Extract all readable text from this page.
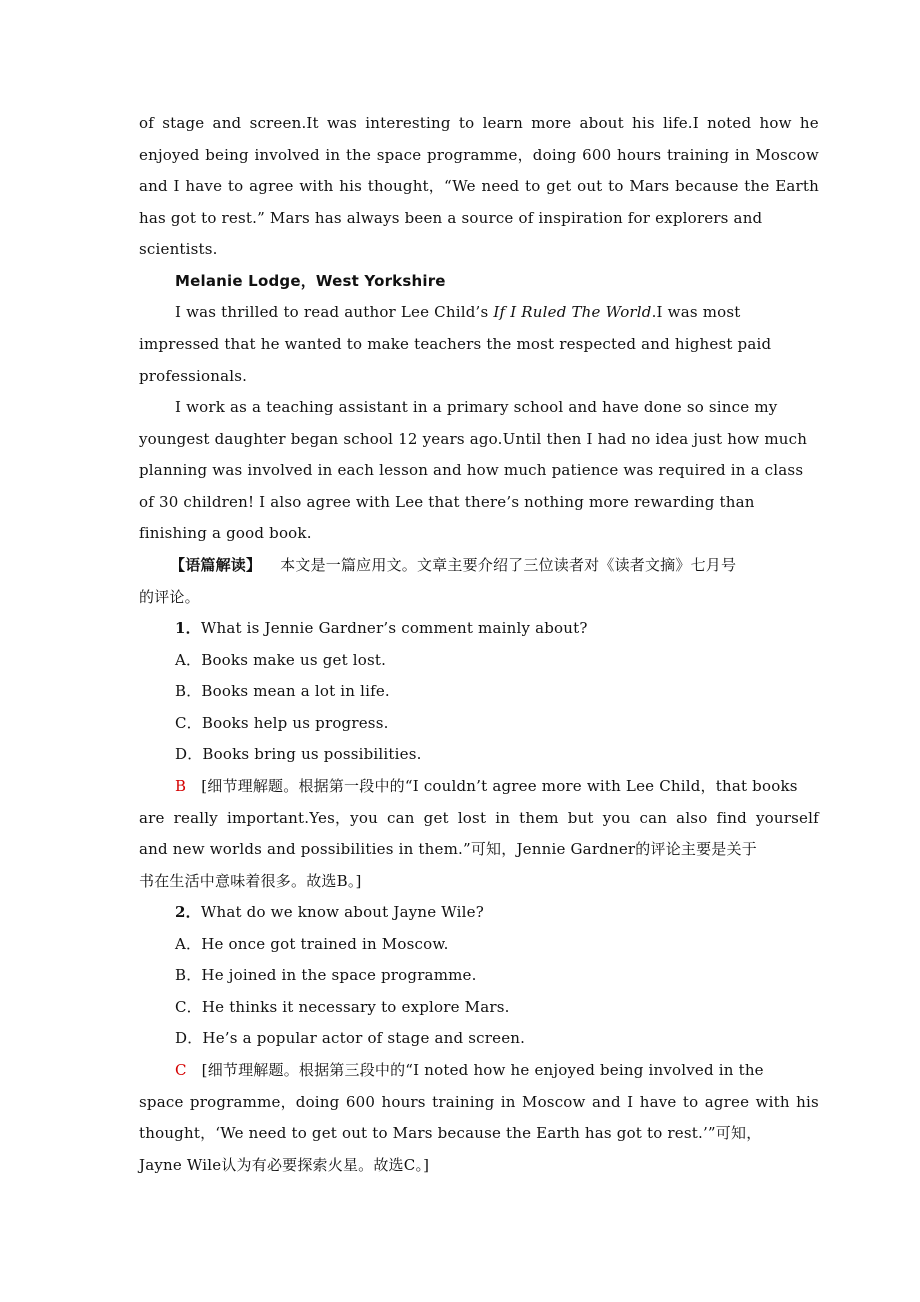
of stage and screen.It was interesting to learn more about his life.I noted how he
enjoyed being involved in the space programme，doing 600 hours training in Moscow
and I have to agree with his thought，“We need to get out to Mars because the Earth
has got to rest.” Mars has always been a source of inspiration for explorers and
scientists.
Melanie Lodge，West Yorkshire
I was thrilled to read author Lee Child’s If I Ruled The World.I was most
impressed that he wanted to make teachers the most respected and highest paid
professionals.
I work as a teaching assistant in a primary school and have done so since my
youngest daughter began school 12 years ago.Until then I had no idea just how much
planning was involved in each lesson and how much patience was required in a class
of 30 children! I also agree with Lee that there’s nothing more rewarding than
finishing a good book.
【语篇解读】 本文是一篇应用文。文章主要介绍了三位读者对《读者文摘》七月号
的评论。
1．What is Jennie Gardner’s comment mainly about?
A．Books make us get lost.
B．Books mean a lot in life.
C．Books help us progress.
D．Books bring us possibilities.
B [细节理解题。根据第一段中的“I couldn’t agree more with Lee Child，that books
are really important.Yes，you can get lost in them but you can also find yourself
and new worlds and possibilities in them.”可知，Jennie Gardner的评论主要是关于
书在生活中意味着很多。故选B。]
2．What do we know about Jayne Wile?
A．He once got trained in Moscow.
B．He joined in the space programme.
C．He thinks it necessary to explore Mars.
D．He’s a popular actor of stage and screen.
C [细节理解题。根据第三段中的“I noted how he enjoyed being involved in the
space programme，doing 600 hours training in Moscow and I have to agree with his
thought，‘We need to get out to Mars because the Earth has got to rest.’”可知，
Jayne Wile认为有必要探索火星。故选C。]
